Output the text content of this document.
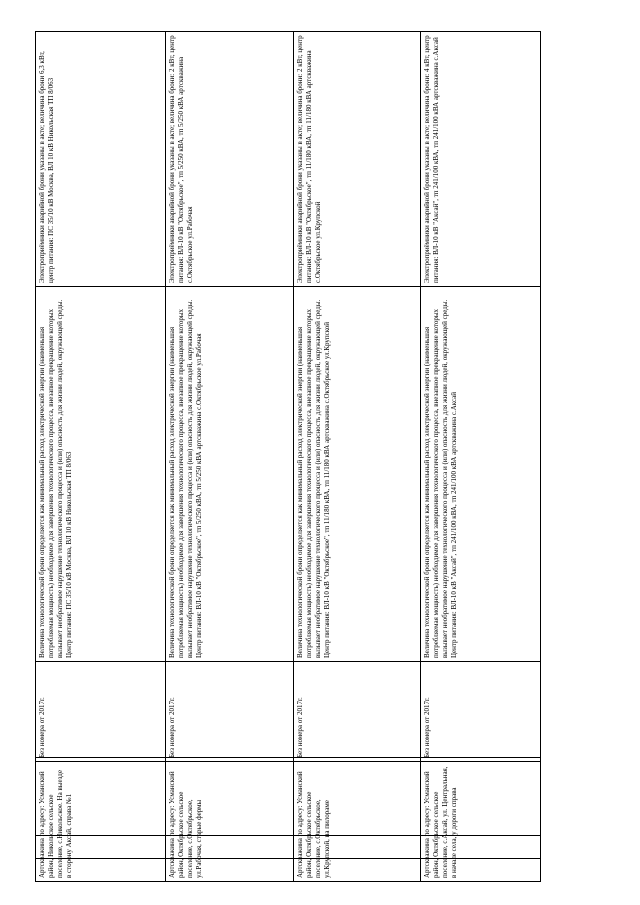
Артскважина по адресу: Усманский район, Никольское сельское поселение, с.Никольское. На выезде в сторону Аксай, справа №1	Без номера от 2017г.	Величина технологической брони определяется как минимальный расход электрической энергии (наименьшая потребляемая мощность) необходимое для завершения технологического процесса, внезапное прекращение которых вызывает необратимое нарушение технологического процесса и (или) опасность для жизни людей, окружающей среды. Центр питания: ПС 35/10 кВ Москва, ВЛ 10 кВ Никольская ТП 8/063	Электроприёмники аварийной брони указаны в акте; величина брони 6,3 кВт, центр питания: ПС 35/10 кВ Москва, ВЛ 10 кВ Никольская ТП 8/063
Артскважина по адресу: Усманский район, Октябрьское сельское поселение, с.Октябрьское, ул.Рабочая, старые фермы	Без номера от 2017г.	Величина технологической брони определяется как минимальный расход электрической энергии (наименьшая потребляемая мощность) необходимое для завершения технологического процесса, внезапное прекращение которых вызывает необратимое нарушение технологического процесса и (или) опасность для жизни людей, окружающей среды. Центр питания: ВЛ-10 кВ "Октябрьское", тп 5/250 кВА, тп 5/250 кВА артскважина с.Октябрьское ул.Рабочая	Электроприёмники аварийной брони указаны в акте; величина брони: 2 кВт, центр питания: ВЛ-10 кВ "Октябрьское", тп 5/250 кВА, тп 5/250 кВА артскважина с.Октябрьское ул.Рабочая
Артскважина по адресу: Усманский район, Октябрьское сельское поселение, с.Октябрьское, ул.Крупской, на пилораме	Без номера от 2017г.	Величина технологической брони определяется как минимальный расход электрической энергии (наименьшая потребляемая мощность) необходимое для завершения технологического процесса, внезапное прекращение которых вызывает необратимое нарушение технологического процесса и (или) опасность для жизни людей, окружающей среды. Центр питания: ВЛ-10 кВ "Октябрьское", тп 11/180 кВА, тп 11/180 кВА артскважина с.Октябрьское ул.Крупской	Электроприёмники аварийной брони указаны в акте; величина брони: 2 кВт, центр питания: ВЛ-10 кВ "Октябрьское", тп 11/180 кВА, тп 11/180 кВА артскважина с.Октябрьское ул.Крупской
Артскважина по адресу: Усманский район, Октябрьское сельское поселение, с.Аксай, ул. Центральная, в начале села, у дороги справа	Без номера от 2017г.	Величина технологической брони определяется как минимальный расход электрической энергии (наименьшая потребляемая мощность) необходимое для завершения технологического процесса, внезапное прекращение которых вызывает необратимое нарушение технологического процесса и (или) опасность для жизни людей, окружающей среды. Центр питания: ВЛ-10 кВ "Аксай", тп 241/100 кВА, тп 241/100 кВА артскважина с.Аксай	Электроприёмники аварийной брони указаны в акте; величина брони: 4 кВт, центр питания: ВЛ-10 кВ "Аксай", тп 241/100 кВА, тп 241/100 кВА артскважина с.Аксай
